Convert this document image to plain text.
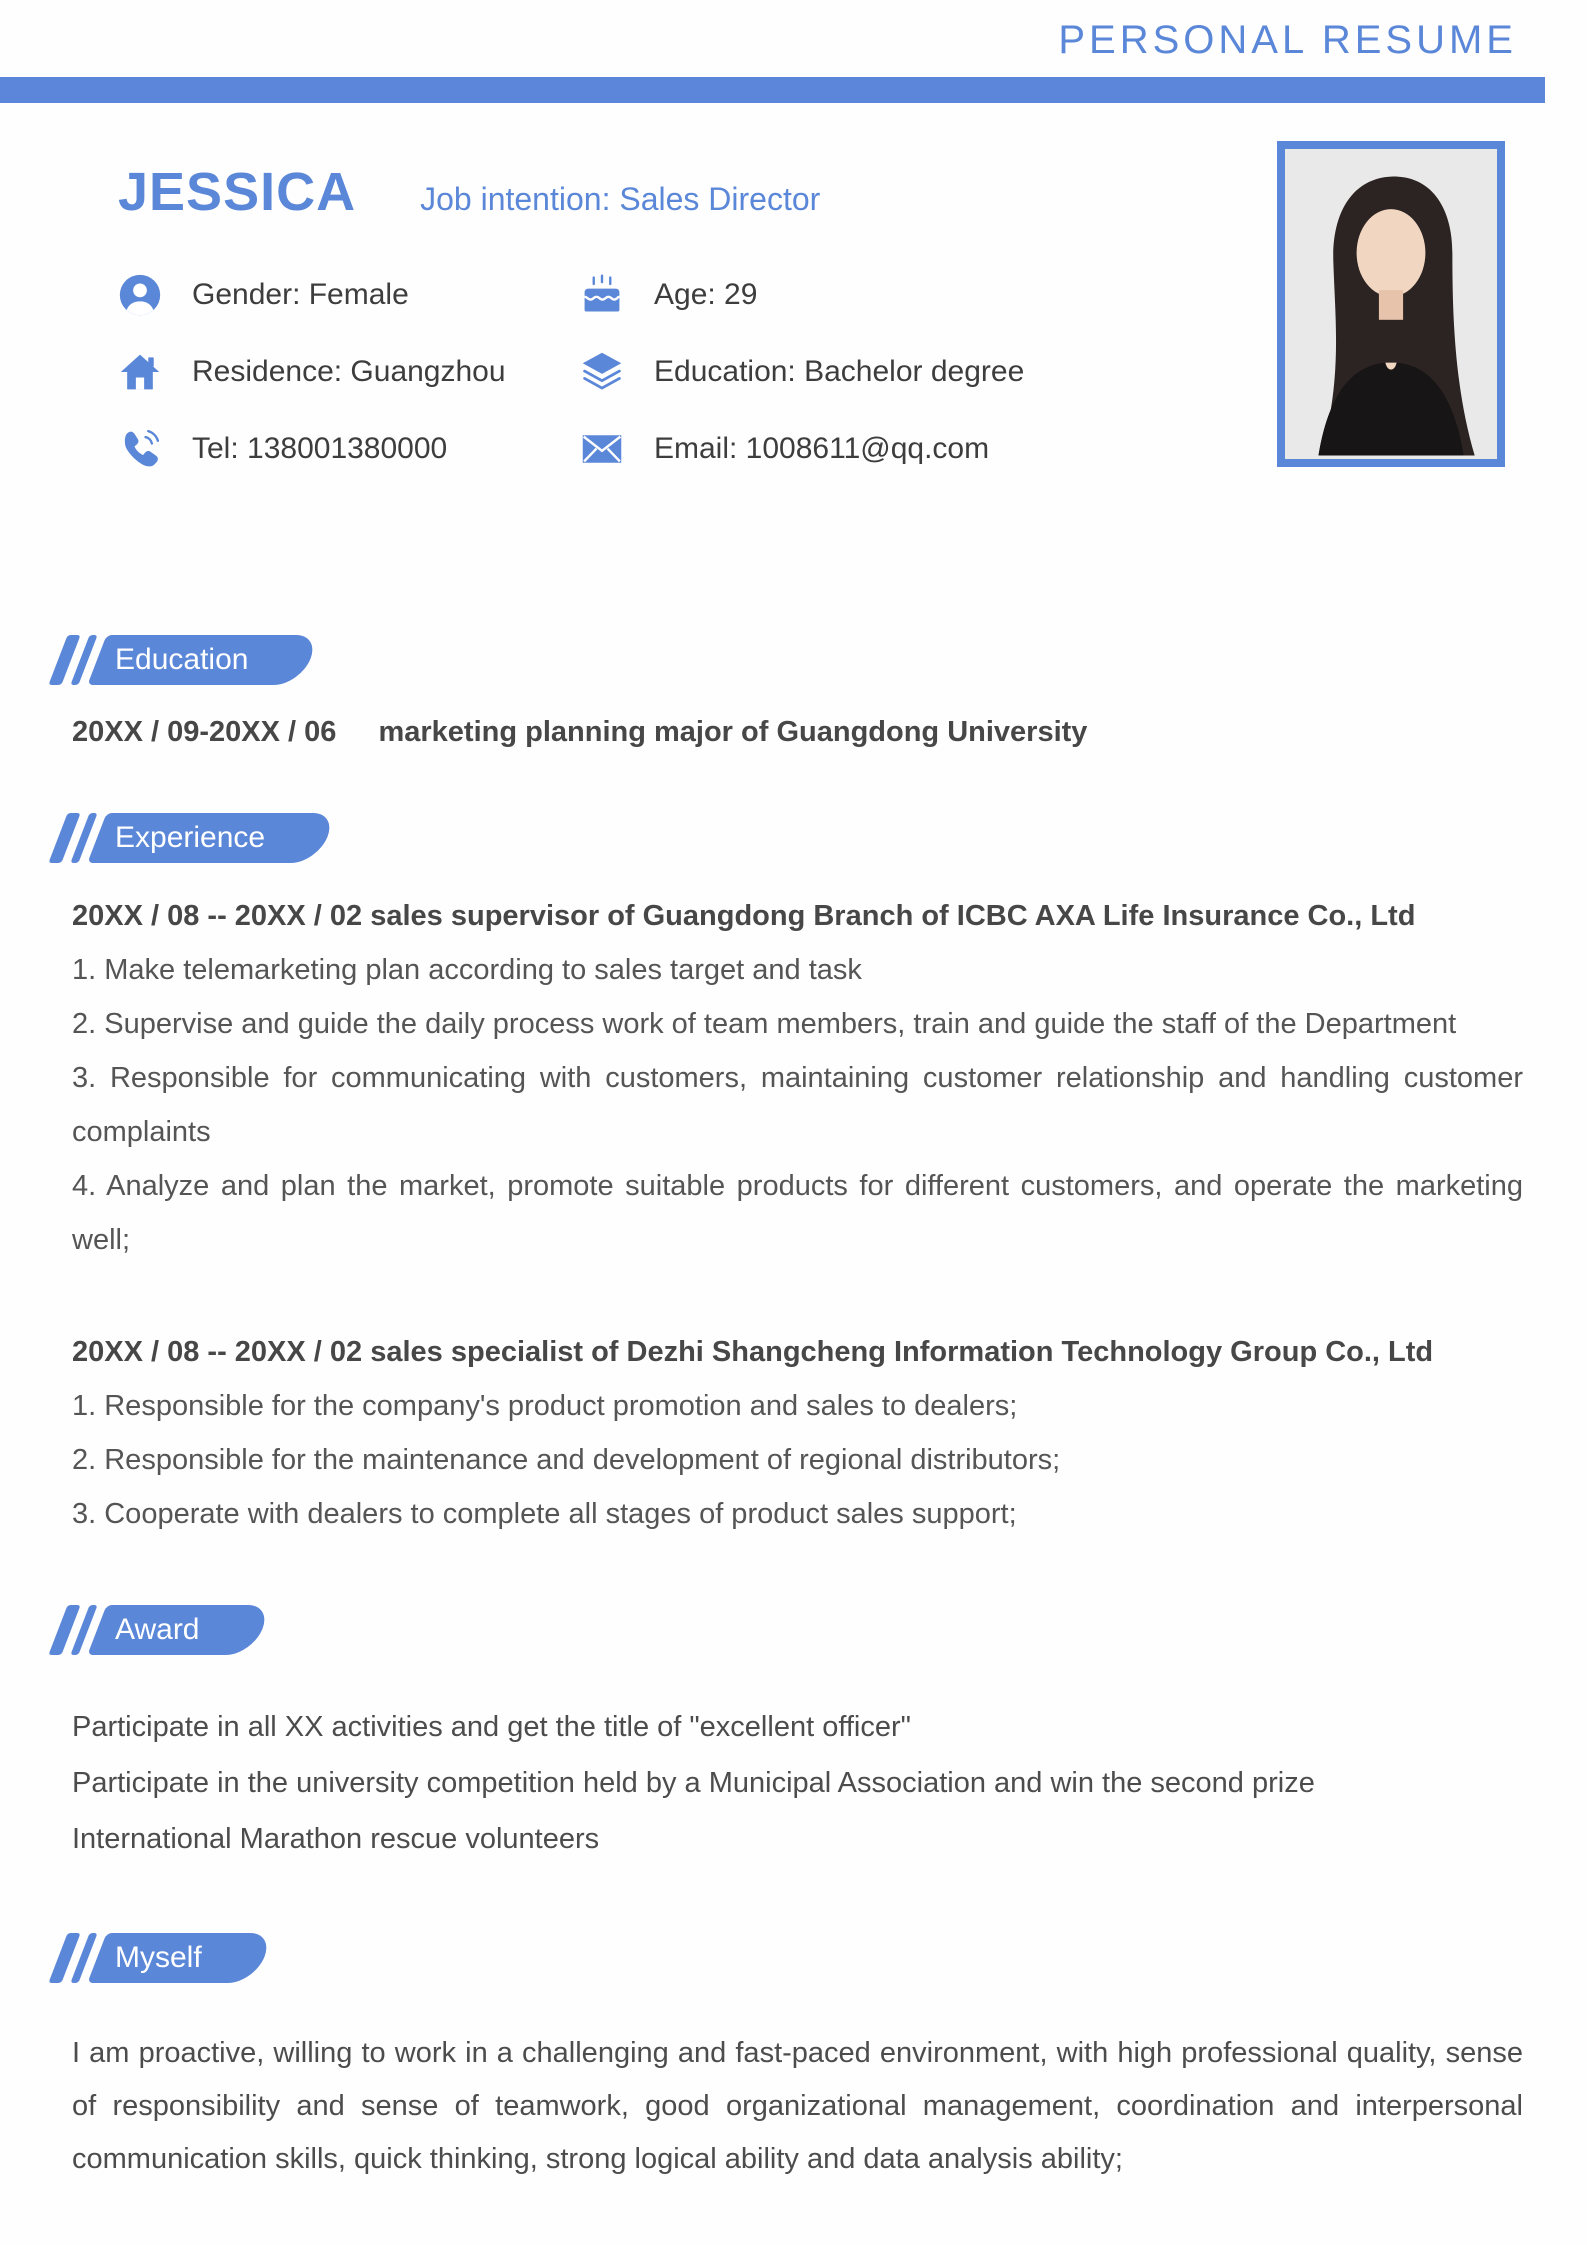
PERSONAL RESUME
JESSICA Job intention: Sales Director
Gender: Female	Age: 29
Residence: Guangzhou	Education: Bachelor degree
Tel: 138001380000	Email: 1008611@qq.com
Education

20XX / 09-20XX / 06 marketing planning major of Guangdong University

Experience

20XX / 08 -- 20XX / 02 sales supervisor of Guangdong Branch of ICBC AXA Life Insurance Co., Ltd

1. Make telemarketing plan according to sales target and task

2. Supervise and guide the daily process work of team members, train and guide the staff of the Department

3. Responsible for communicating with customers, maintaining customer relationship and handling customer complaints

4. Analyze and plan the market, promote suitable products for different customers, and operate the marketing well;

20XX / 08 -- 20XX / 02 sales specialist of Dezhi Shangcheng Information Technology Group Co., Ltd

1. Responsible for the company's product promotion and sales to dealers;

2. Responsible for the maintenance and development of regional distributors;

3. Cooperate with dealers to complete all stages of product sales support;

Award

Participate in all XX activities and get the title of "excellent officer"

Participate in the university competition held by a Municipal Association and win the second prize

International Marathon rescue volunteers

Myself

I am proactive, willing to work in a challenging and fast-paced environment, with high professional quality, sense of responsibility and sense of teamwork, good organizational management, coordination and interpersonal communication skills, quick thinking, strong logical ability and data analysis ability;
